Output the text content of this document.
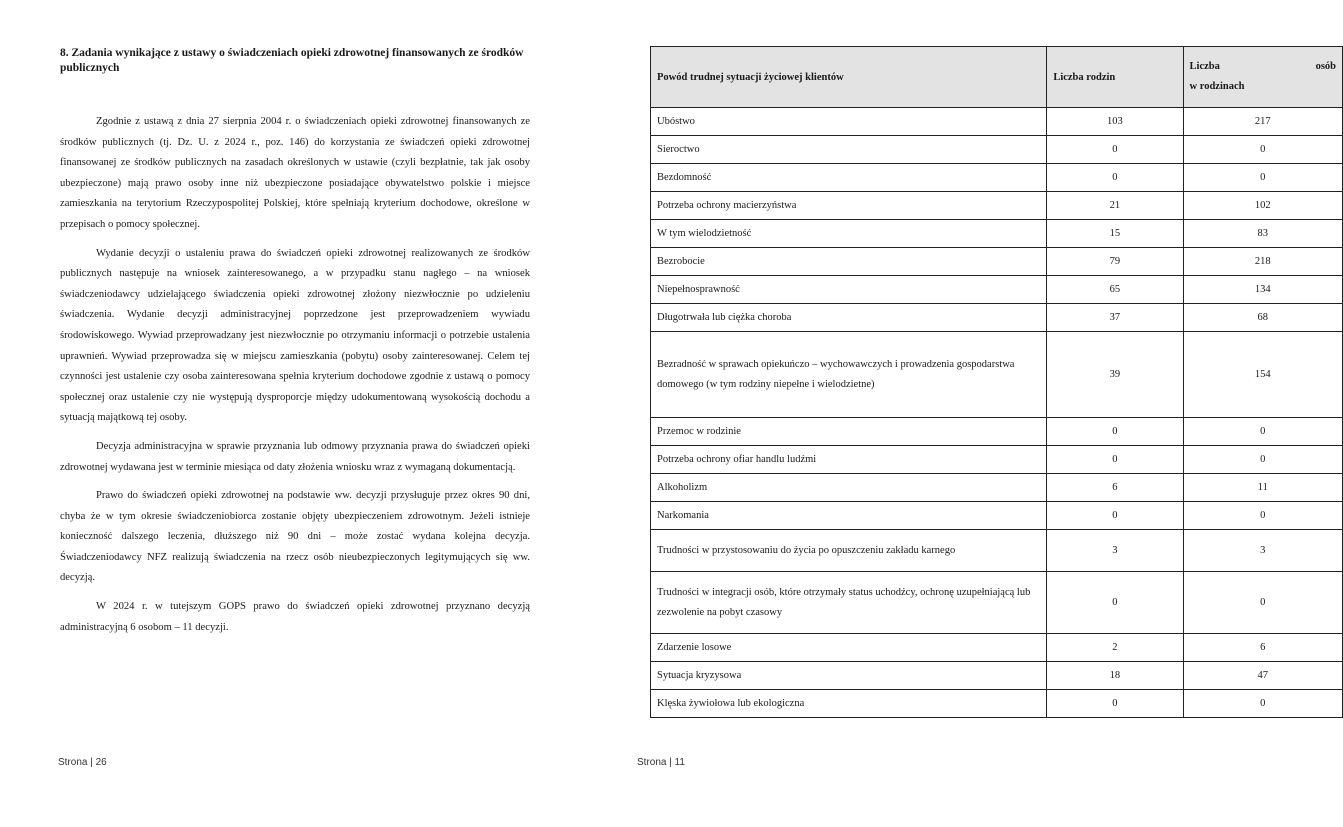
8. Zadania wynikające z ustawy o świadczeniach opieki zdrowotnej finansowanych ze środków publicznych

Zgodnie z ustawą z dnia 27 sierpnia 2004 r. o świadczeniach opieki zdrowotnej finansowanych ze środków publicznych (tj. Dz. U. z 2024 r., poz. 146) do korzystania ze świadczeń opieki zdrowotnej finansowanej ze środków publicznych na zasadach określonych w ustawie (czyli bezpłatnie, tak jak osoby ubezpieczone) mają prawo osoby inne niż ubezpieczone posiadające obywatelstwo polskie i miejsce zamieszkania na terytorium Rzeczypospolitej Polskiej, które spełniają kryterium dochodowe, określone w przepisach o pomocy społecznej.

Wydanie decyzji o ustaleniu prawa do świadczeń opieki zdrowotnej realizowanych ze środków publicznych następuje na wniosek zainteresowanego, a w przypadku stanu nagłego – na wniosek świadczeniodawcy udzielającego świadczenia opieki zdrowotnej złożony niezwłocznie po udzieleniu świadczenia. Wydanie decyzji administracyjnej poprzedzone jest przeprowadzeniem wywiadu środowiskowego. Wywiad przeprowadzany jest niezwłocznie po otrzymaniu informacji o potrzebie ustalenia uprawnień. Wywiad przeprowadza się w miejscu zamieszkania (pobytu) osoby zainteresowanej. Celem tej czynności jest ustalenie czy osoba zainteresowana spełnia kryterium dochodowe zgodnie z ustawą o pomocy społecznej oraz ustalenie czy nie występują dysproporcje między udokumentowaną wysokością dochodu a sytuacją majątkową tej osoby.

Decyzja administracyjna w sprawie przyznania lub odmowy przyznania prawa do świadczeń opieki zdrowotnej wydawana jest w terminie miesiąca od daty złożenia wniosku wraz z wymaganą dokumentacją.

Prawo do świadczeń opieki zdrowotnej na podstawie ww. decyzji przysługuje przez okres 90 dni, chyba że w tym okresie świadczeniobiorca zostanie objęty ubezpieczeniem zdrowotnym. Jeżeli istnieje konieczność dalszego leczenia, dłuższego niż 90 dni – może zostać wydana kolejna decyzja. Świadczeniodawcy NFZ realizują świadczenia na rzecz osób nieubezpieczonych legitymujących się ww. decyzją.

W 2024 r. w tutejszym GOPS prawo do świadczeń opieki zdrowotnej przyznano decyzją administracyjną 6 osobom – 11 decyzji.

Strona | 26
Powód trudnej sytuacji życiowej klientów	Liczba rodzin	Liczba osób
w rodzinach

Ubóstwo	103	217
Sieroctwo	0	0
Bezdomność	0	0
Potrzeba ochrony macierzyństwa	21	102
W tym wielodzietność	15	83
Bezrobocie	79	218
Niepełnosprawność	65	134
Długotrwała lub ciężka choroba	37	68
Bezradność w sprawach opiekuńczo – wychowawczych i prowadzenia gospodarstwa domowego (w tym rodziny niepełne i wielodzietne)	39	154
Przemoc w rodzinie	0	0
Potrzeba ochrony ofiar handlu ludźmi	0	0
Alkoholizm	6	11
Narkomania	0	0
Trudności w przystosowaniu do życia po opuszczeniu zakładu karnego	3	3
Trudności w integracji osób, które otrzymały status uchodźcy, ochronę uzupełniającą lub zezwolenie na pobyt czasowy	0	0
Zdarzenie losowe	2	6
Sytuacja kryzysowa	18	47
Klęska żywiołowa lub ekologiczna	0	0
Strona | 11
